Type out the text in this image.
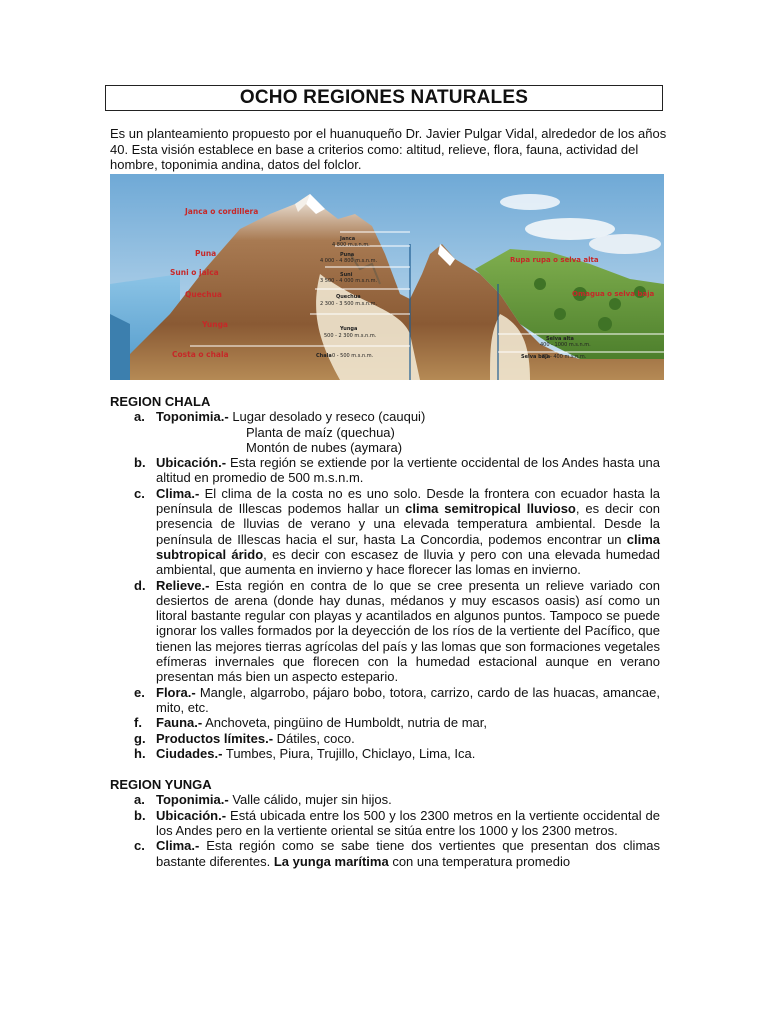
OCHO REGIONES NATURALES
Es un planteamiento propuesto por el huanuqueño Dr. Javier Pulgar Vidal, alrededor de los años 40. Esta visión establece en base a criterios como: altitud, relieve, flora, fauna, actividad del hombre, toponimia andina, datos del folclor.
Janca o cordillera
Puna
Suni o jalca
Quechua
Yunga
Costa o chala
Rupa rupa o selva alta
Omagua o selva baja
Janca
4 800 m.s.n.m.
Puna
4 000 - 4 800 m.s.n.m.
Suni
3 500 - 4 000 m.s.n.m.
Quechua
2 300 - 3 500 m.s.n.m.
Yunga
500 - 2 300 m.s.n.m.
Chala 0 - 500 m.s.n.m.
Selva alta
400 - 1000 m.s.n.m.
Selva baja
80 - 400 m.s.n.m.
REGION CHALA
a. Toponimia.- Lugar desolado y reseco (cauqui)
Planta de maíz (quechua)
Montón de nubes (aymara)
b. Ubicación.- Esta región se extiende por la vertiente occidental de los Andes hasta una altitud en promedio de 500 m.s.n.m.
c. Clima.- El clima de la costa no es uno solo. Desde la frontera con ecuador hasta la península de Illescas podemos hallar un clima semitropical lluvioso, es decir con presencia de lluvias de verano y una elevada temperatura ambiental. Desde la península de Illescas hacia el sur, hasta La Concordia, podemos encontrar un clima subtropical árido, es decir con escasez de lluvia y pero con una elevada humedad ambiental, que aumenta en invierno y hace florecer las lomas en invierno.
d. Relieve.- Esta región en contra de lo que se cree presenta un relieve variado con desiertos de arena (donde hay dunas, médanos y muy escasos oasis) así como un litoral bastante regular con playas y acantilados en algunos puntos. Tampoco se puede ignorar los valles formados por la deyección de los ríos de la vertiente del Pacífico, que tienen las mejores tierras agrícolas del país y las lomas que son formaciones vegetales efímeras invernales que florecen con la humedad estacional aunque en verano presentan más bien un aspecto estepario.
e. Flora.- Mangle, algarrobo, pájaro bobo, totora, carrizo, cardo de las huacas, amancae, mito, etc.
f.	Fauna.- Anchoveta, pingüino de Humboldt, nutria de mar,
g. Productos límites.- Dátiles, coco.
h. Ciudades.- Tumbes, Piura, Trujillo, Chiclayo, Lima, Ica.
REGION YUNGA
a. Toponimia.- Valle cálido, mujer sin hijos.
b. Ubicación.- Está ubicada entre los 500 y los 2300 metros en la vertiente occidental de los Andes pero en la vertiente oriental se sitúa entre los 1000 y los 2300 metros.
c. Clima.- Esta región como se sabe tiene dos vertientes que presentan dos climas bastante diferentes. La yunga marítima con una temperatura promedio
